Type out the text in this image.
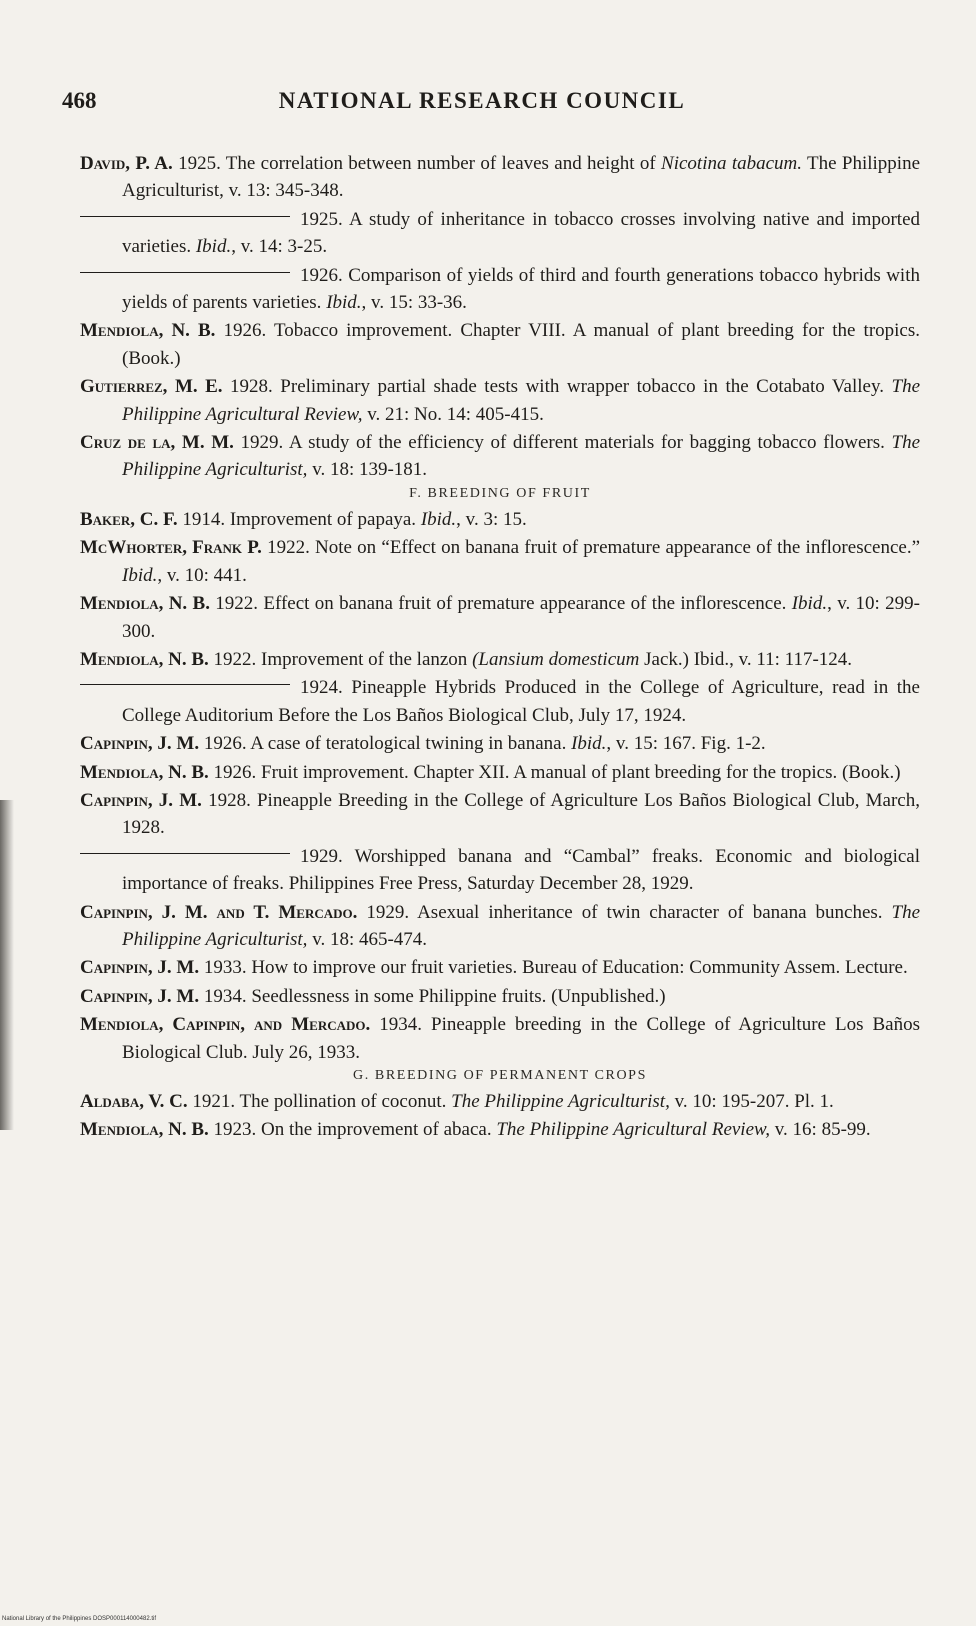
468	NATIONAL RESEARCH COUNCIL

David, P. A. 1925. The correlation between number of leaves and height of Nicotina tabacum. The Philippine Agriculturist, v. 13: 345-348.

1925. A study of inheritance in tobacco crosses involving native and imported varieties. Ibid., v. 14: 3-25.

1926. Comparison of yields of third and fourth generations tobacco hybrids with yields of parents varieties. Ibid., v. 15: 33-36.

Mendiola, N. B. 1926. Tobacco improvement. Chapter VIII. A manual of plant breeding for the tropics. (Book.)

Gutierrez, M. E. 1928. Preliminary partial shade tests with wrapper tobacco in the Cotabato Valley. The Philippine Agricultural Review, v. 21: No. 14: 405-415.

Cruz de la, M. M. 1929. A study of the efficiency of different materials for bagging tobacco flowers. The Philippine Agriculturist, v. 18: 139-181.

F. BREEDING OF FRUIT

Baker, C. F. 1914. Improvement of papaya. Ibid., v. 3: 15.

McWhorter, Frank P. 1922. Note on “Effect on banana fruit of premature appearance of the inflorescence.” Ibid., v. 10: 441.

Mendiola, N. B. 1922. Effect on banana fruit of premature appearance of the inflorescence. Ibid., v. 10: 299-300.

Mendiola, N. B. 1922. Improvement of the lanzon (Lansium domesticum Jack.) Ibid., v. 11: 117-124.

1924. Pineapple Hybrids Produced in the College of Agriculture, read in the College Auditorium Before the Los Baños Biological Club, July 17, 1924.

Capinpin, J. M. 1926. A case of teratological twining in banana. Ibid., v. 15: 167. Fig. 1-2.

Mendiola, N. B. 1926. Fruit improvement. Chapter XII. A manual of plant breeding for the tropics. (Book.)

Capinpin, J. M. 1928. Pineapple Breeding in the College of Agriculture Los Baños Biological Club, March, 1928.

1929. Worshipped banana and “Cambal” freaks. Economic and biological importance of freaks. Philippines Free Press, Saturday December 28, 1929.

Capinpin, J. M. and T. Mercado. 1929. Asexual inheritance of twin character of banana bunches. The Philippine Agriculturist, v. 18: 465-474.

Capinpin, J. M. 1933. How to improve our fruit varieties. Bureau of Education: Community Assem. Lecture.

Capinpin, J. M. 1934. Seedlessness in some Philippine fruits. (Unpublished.)

Mendiola, Capinpin, and Mercado. 1934. Pineapple breeding in the College of Agriculture Los Baños Biological Club. July 26, 1933.

G. BREEDING OF PERMANENT CROPS

Aldaba, V. C. 1921. The pollination of coconut. The Philippine Agriculturist, v. 10: 195-207. Pl. 1.

Mendiola, N. B. 1923. On the improvement of abaca. The Philippine Agricultural Review, v. 16: 85-99.

National Library of the Philippines DOSP000114000482.tif
